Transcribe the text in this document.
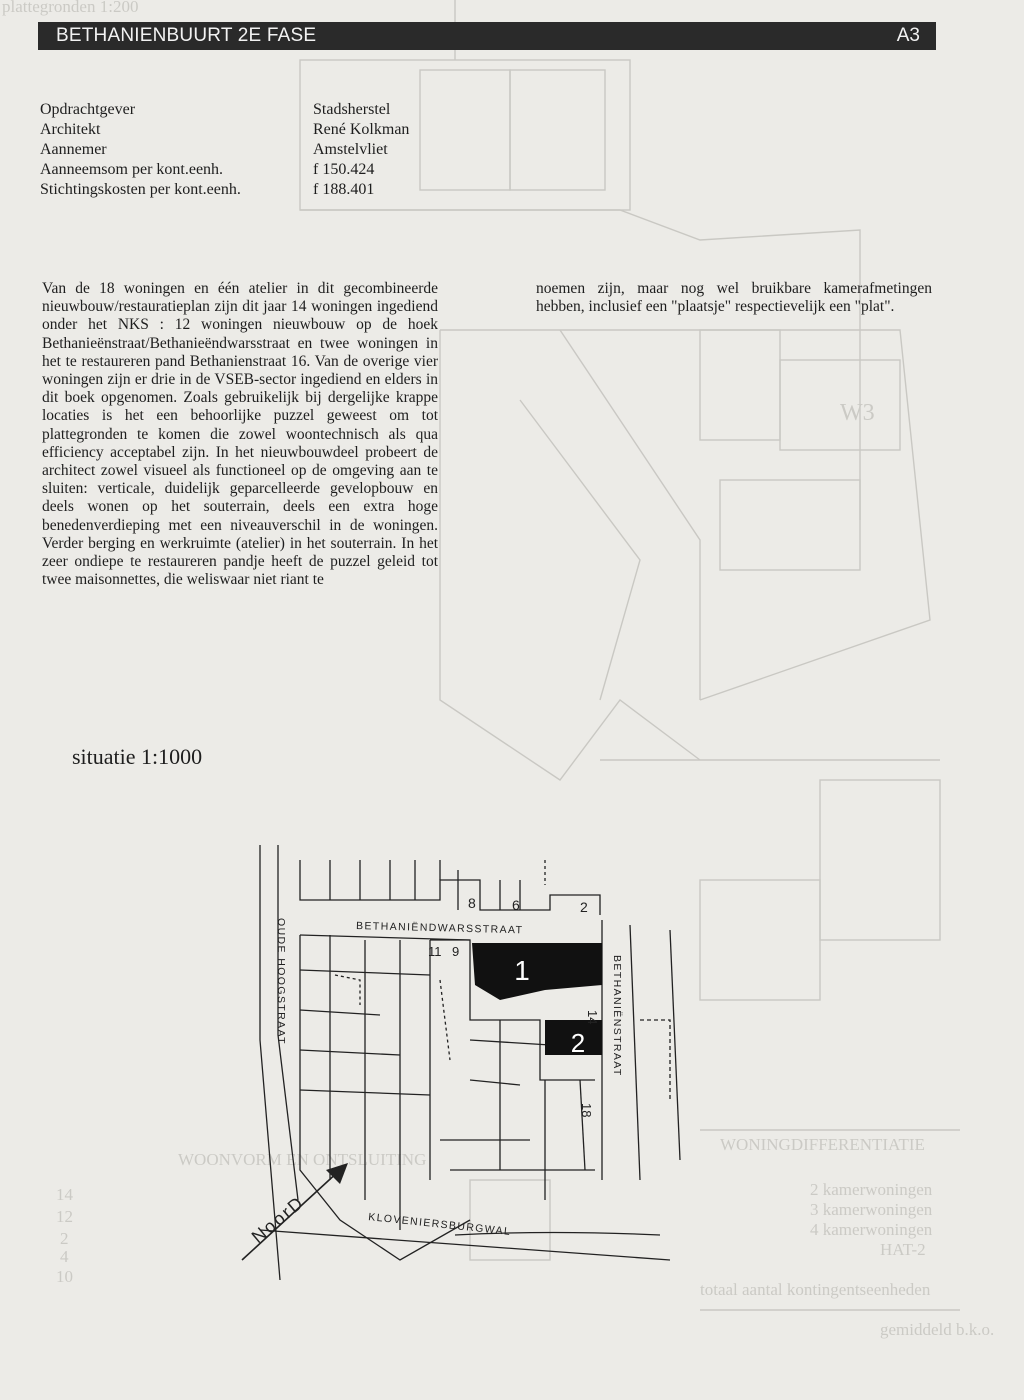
plattegronden 1:200
W3
WONINGDIFFERENTIATIE
WOONVORM EN ONTSLUITING
2 kamerwoningen
3 kamerwoningen
4 kamerwoningen
HAT-2
totaal aantal kontingentseenheden
gemiddeld b.k.o.
14
12
2
4
10
BETHANIENBUURT 2E FASE	A3
Opdrachtgever	Stadsherstel
Architekt	René Kolkman
Aannemer	Amstelvliet
Aanneemsom per kont.eenh.	f 150.424
Stichtingskosten per kont.eenh.	f 188.401
Van de 18 woningen en één atelier in dit gecombineerde nieuwbouw/restauratieplan zijn dit jaar 14 woningen ingediend onder het NKS : 12 woningen nieuwbouw op de hoek Bethanieënstraat/Bethanieëndwarsstraat en twee woningen in het te restaureren pand Bethanienstraat 16. Van de overige vier woningen zijn er drie in de VSEB-sector ingediend en elders in dit boek opgenomen. Zoals gebruikelijk bij dergelijke krappe locaties is het een behoorlijke puzzel geweest om tot plattegronden te komen die zowel woontechnisch als qua efficiency acceptabel zijn. In het nieuwbouwdeel probeert de architect zowel visueel als functioneel op de omgeving aan te sluiten: verticale, duidelijk geparcelleerde gevelopbouw en deels wonen op het souterrain, deels een extra hoge benedenverdieping met een niveauverschil in de woningen. Verder berging en werkruimte (atelier) in het souterrain. In het zeer ondiepe te restaureren pandje heeft de puzzel geleid tot twee maisonnettes, die weliswaar niet riant te
noemen zijn, maar nog wel bruikbare kamerafmetingen hebben, inclusief een "plaatsje" respectievelijk een "plat".
situatie 1:1000
1
2
8	6	2
11 9
14
18
BETHANIËNDWARSSTRAAT
BETHANIËNSTRAAT
OUDE HOOGSTRAAT
KLOVENIERSBURGWAL
NoorD
